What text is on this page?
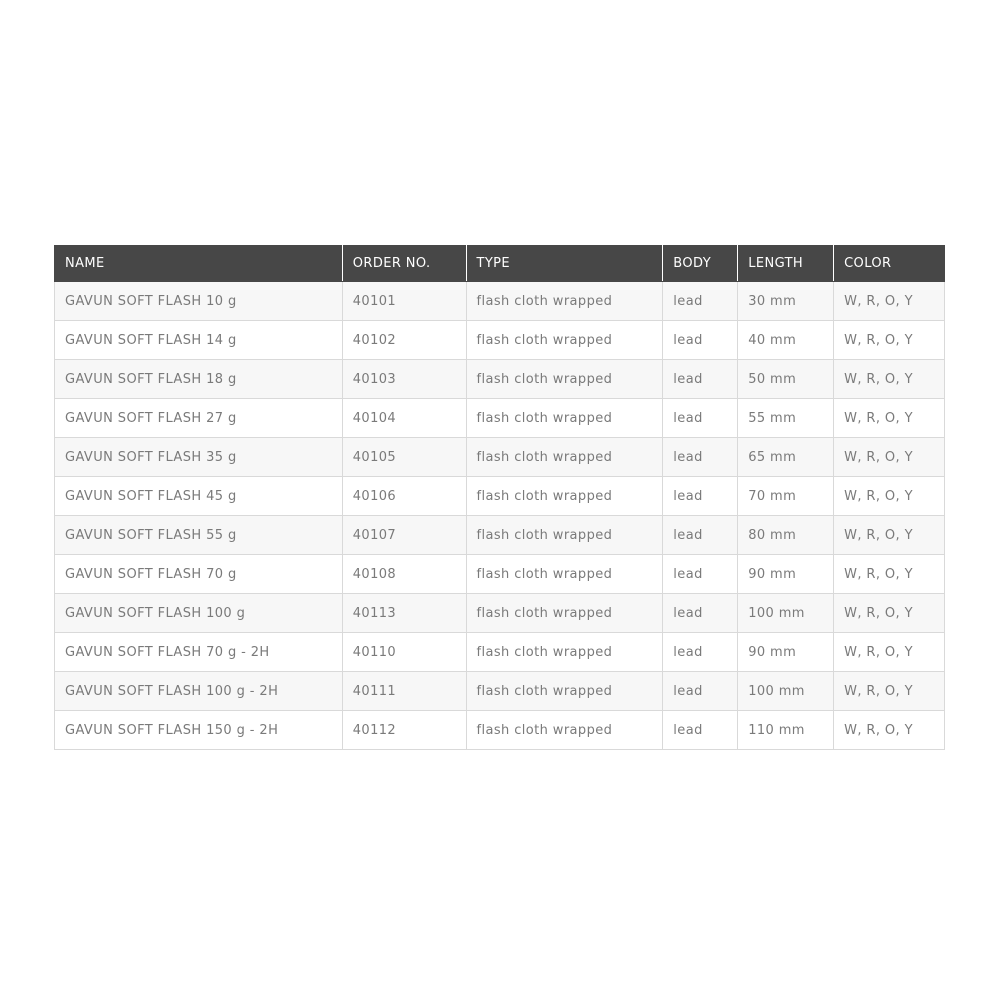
NAME	ORDER NO.	TYPE	BODY	LENGTH	COLOR
GAVUN SOFT FLASH 10 g	40101	flash cloth wrapped	lead	30 mm	W, R, O, Y
GAVUN SOFT FLASH 14 g	40102	flash cloth wrapped	lead	40 mm	W, R, O, Y
GAVUN SOFT FLASH 18 g	40103	flash cloth wrapped	lead	50 mm	W, R, O, Y
GAVUN SOFT FLASH 27 g	40104	flash cloth wrapped	lead	55 mm	W, R, O, Y
GAVUN SOFT FLASH 35 g	40105	flash cloth wrapped	lead	65 mm	W, R, O, Y
GAVUN SOFT FLASH 45 g	40106	flash cloth wrapped	lead	70 mm	W, R, O, Y
GAVUN SOFT FLASH 55 g	40107	flash cloth wrapped	lead	80 mm	W, R, O, Y
GAVUN SOFT FLASH 70 g	40108	flash cloth wrapped	lead	90 mm	W, R, O, Y
GAVUN SOFT FLASH 100 g	40113	flash cloth wrapped	lead	100 mm	W, R, O, Y
GAVUN SOFT FLASH 70 g - 2H	40110	flash cloth wrapped	lead	90 mm	W, R, O, Y
GAVUN SOFT FLASH 100 g - 2H	40111	flash cloth wrapped	lead	100 mm	W, R, O, Y
GAVUN SOFT FLASH 150 g - 2H	40112	flash cloth wrapped	lead	110 mm	W, R, O, Y
